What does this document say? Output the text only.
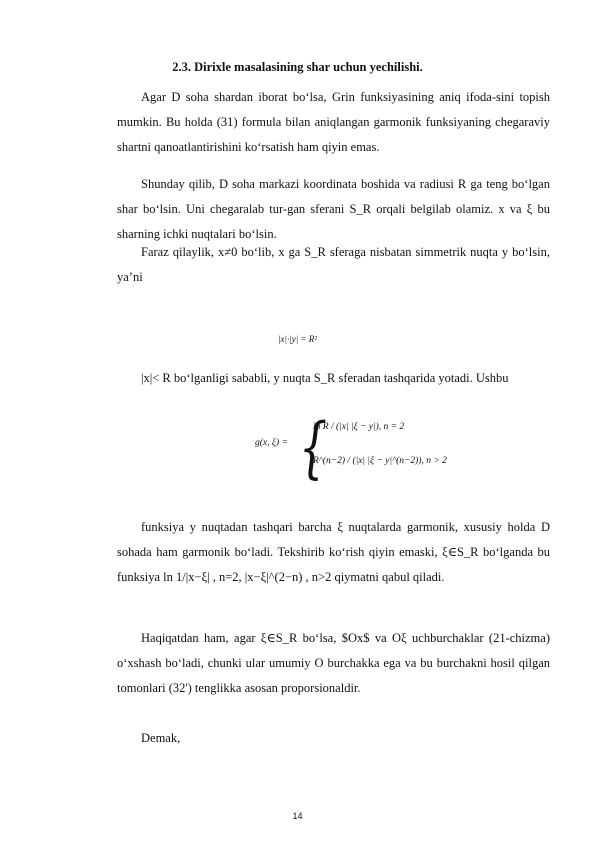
2.3. Dirixle masalasining shar uchun yechilishi.
Agar D soha shardan iborat bo‘lsa, Grin funksiyasining aniq ifoda-sini topish mumkin. Bu holda (31) formula bilan aniqlangan garmonik funksiyaning chegaraviy shartni qanoatlantirishini ko‘rsatish ham qiyin emas.
Shunday qilib, D soha markazi koordinata boshida va radiusi R ga teng bo‘lgan shar bo‘lsin. Uni chegaralab tur-gan sferani S_R orqali belgilab olamiz. x va ξ bu sharning ichki nuqtalari bo‘lsin.
Faraz qilaylik, x≠0 bo‘lib, x ga S_R sferaga nisbatan simmetrik nuqta y bo‘lsin, ya’ni
|x|·|y| = R²
|x|< R bo‘lganligi sababli, y nuqta S_R sferadan tashqarida yotadi. Ushbu
g(x, ξ) = {
ln R / (|x| |ξ − y|), n = 2
R^(n−2) / (|x| |ξ − y|^(n−2)), n > 2
funksiya y nuqtadan tashqari barcha ξ nuqtalarda garmonik, xususiy holda D sohada ham garmonik bo‘ladi. Tekshirib ko‘rish qiyin emaski, ξ∈S_R bo‘lganda bu funksiya ln 1/|x−ξ| , n=2, |x−ξ|^(2−n) , n>2 qiymatni qabul qiladi.
Haqiqatdan ham, agar ξ∈S_R bo‘lsa, $Ox$ va Oξ uchburchaklar (21-chizma) o‘xshash bo‘ladi, chunki ular umumiy O burchakka ega va bu burchakni hosil qilgan tomonlari (32') tenglikka asosan proporsionaldir.
Demak,
14
